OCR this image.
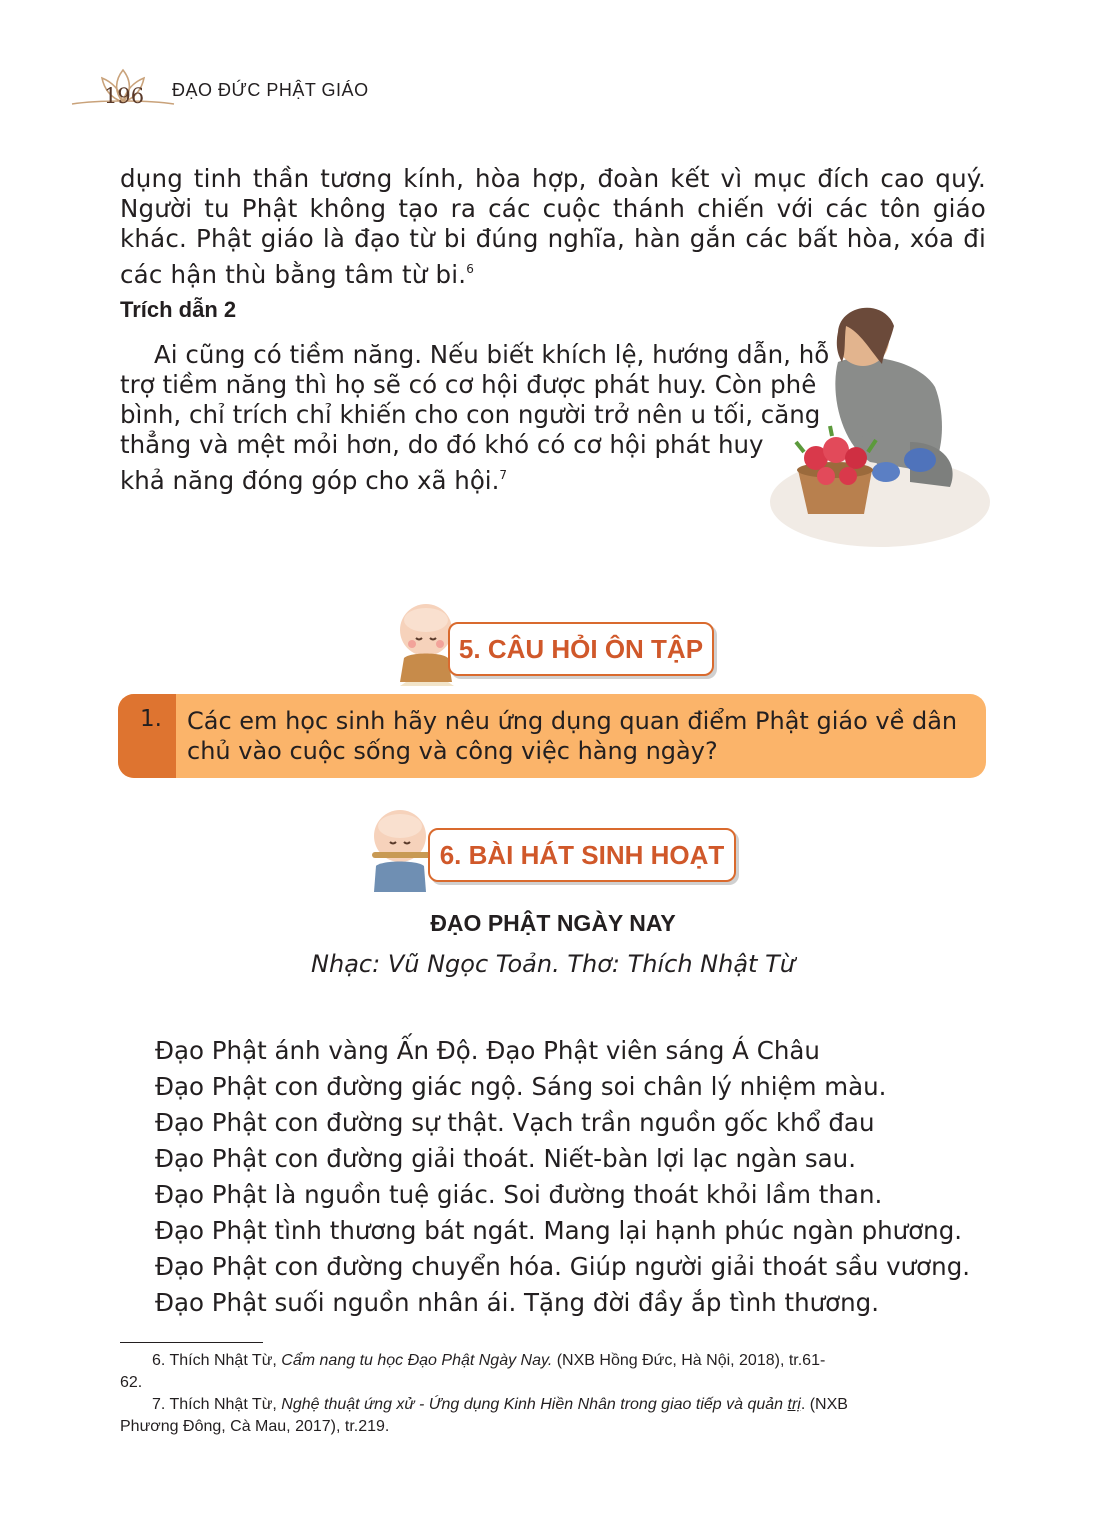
196 ĐẠO ĐỨC PHẬT GIÁO
dụng tinh thần tương kính, hòa hợp, đoàn kết vì mục đích cao quý. Người tu Phật không tạo ra các cuộc thánh chiến với các tôn giáo khác. Phật giáo là đạo từ bi đúng nghĩa, hàn gắn các bất hòa, xóa đi các hận thù bằng tâm từ bi.$^6$
Trích dẫn 2
Ai cũng có tiềm năng. Nếu biết khích lệ, hướng dẫn, hỗ
trợ tiềm năng thì họ sẽ có cơ hội được phát huy. Còn phê
bình, chỉ trích chỉ khiến cho con người trở nên u tối, căng
thẳng và mệt mỏi hơn, do đó khó có cơ hội phát huy
khả năng đóng góp cho xã hội.$^7$
5. CÂU HỎI ÔN TẬP
1. Các em học sinh hãy nêu ứng dụng quan điểm Phật giáo về dân chủ vào cuộc sống và công việc hàng ngày?
6. BÀI HÁT SINH HOẠT
ĐẠO PHẬT NGÀY NAY
Nhạc: Vũ Ngọc Toản. Thơ: Thích Nhật Từ
Đạo Phật ánh vàng Ấn Độ. Đạo Phật viên sáng Á Châu
Đạo Phật con đường giác ngộ. Sáng soi chân lý nhiệm màu.
Đạo Phật con đường sự thật. Vạch trần nguồn gốc khổ đau
Đạo Phật con đường giải thoát. Niết-bàn lợi lạc ngàn sau.
Đạo Phật là nguồn tuệ giác. Soi đường thoát khỏi lầm than.
Đạo Phật tình thương bát ngát. Mang lại hạnh phúc ngàn phương.
Đạo Phật con đường chuyển hóa. Giúp người giải thoát sầu vương.
Đạo Phật suối nguồn nhân ái. Tặng đời đầy ắp tình thương.
6. Thích Nhật Từ, Cẩm nang tu học Đạo Phật Ngày Nay. (NXB Hồng Đức, Hà Nội, 2018), tr.61-
62.
7. Thích Nhật Từ, Nghệ thuật ứng xử - Ứng dụng Kinh Hiền Nhân trong giao tiếp và quản trị. (NXB
Phương Đông, Cà Mau, 2017), tr.219.
